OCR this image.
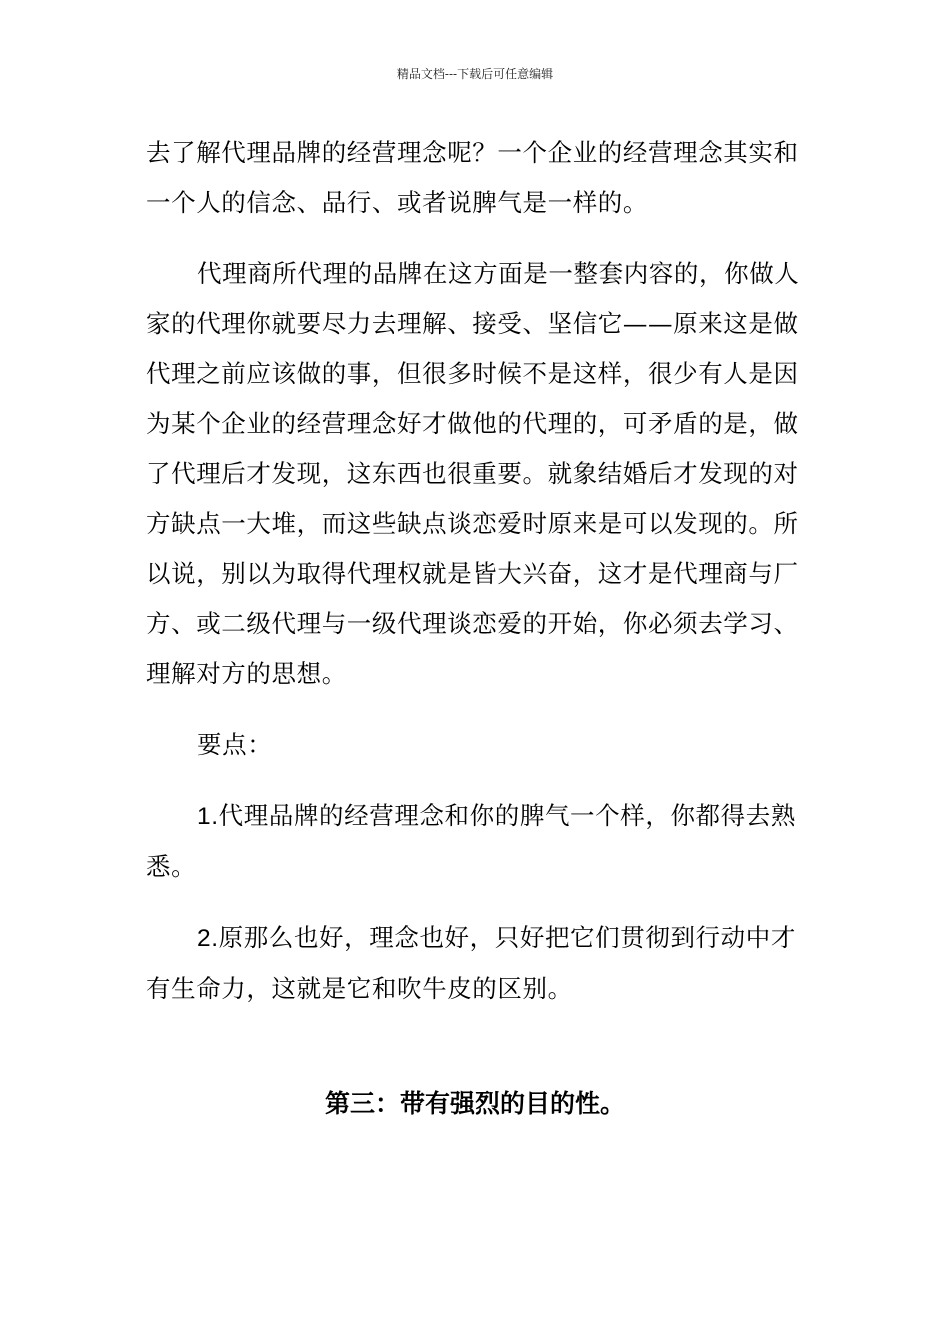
精品文档---下载后可任意编辑

去了解代理品牌的经营理念呢？一个企业的经营理念其实和一个人的信念、品行、或者说脾气是一样的。

代理商所代理的品牌在这方面是一整套内容的，你做人家的代理你就要尽力去理解、接受、坚信它——原来这是做代理之前应该做的事，但很多时候不是这样，很少有人是因为某个企业的经营理念好才做他的代理的，可矛盾的是，做了代理后才发现，这东西也很重要。就象结婚后才发现的对方缺点一大堆，而这些缺点谈恋爱时原来是可以发现的。所以说，别以为取得代理权就是皆大兴奋，这才是代理商与厂方、或二级代理与一级代理谈恋爱的开始，你必须去学习、理解对方的思想。

要点：

1.代理品牌的经营理念和你的脾气一个样，你都得去熟悉。

2.原那么也好，理念也好，只好把它们贯彻到行动中才有生命力，这就是它和吹牛皮的区别。

第三：带有强烈的目的性。
